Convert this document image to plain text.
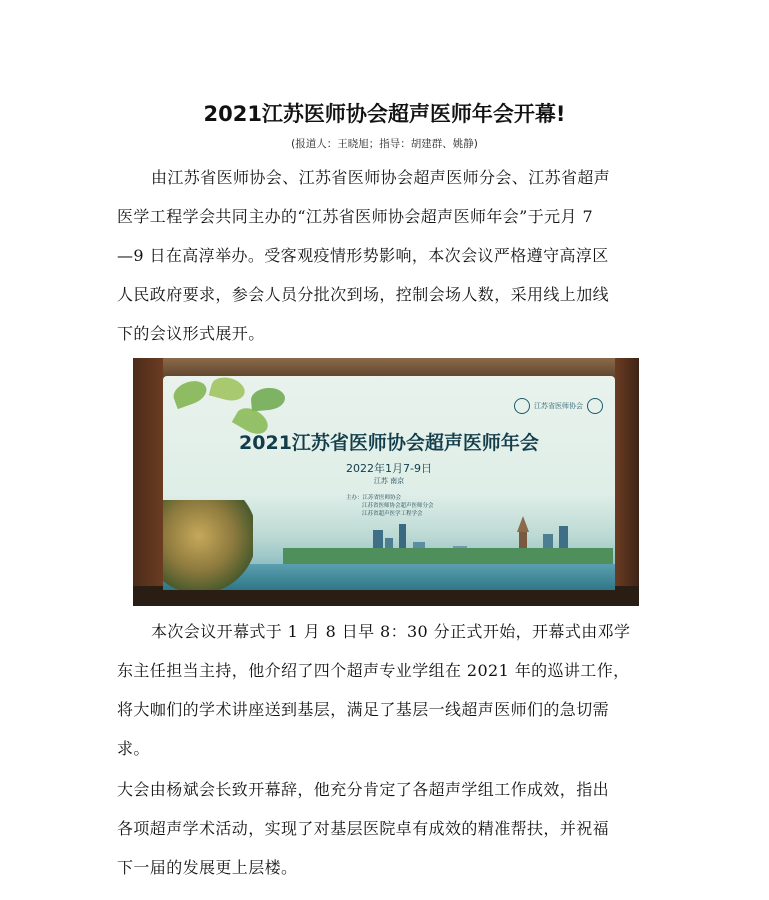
2021江苏医师协会超声医师年会开幕!
(报道人：王晓旭；指导：胡建群、姚静)
由江苏省医师协会、江苏省医师协会超声医师分会、江苏省超声
医学工程学会共同主办的“江苏省医师协会超声医师年会”于元月 7
—9 日在高淳举办。受客观疫情形势影响，本次会议严格遵守高淳区
人民政府要求，参会人员分批次到场，控制会场人数，采用线上加线
下的会议形式展开。
江苏省医师协会
2021江苏省医师协会超声医师年会
2022年1月7-9日
江苏 南京
主办：江苏省医师协会
江苏省医师协会超声医师分会
江苏省超声医学工程学会
本次会议开幕式于 1 月 8 日早 8：30 分正式开始，开幕式由邓学
东主任担当主持，他介绍了四个超声专业学组在 2021 年的巡讲工作，
将大咖们的学术讲座送到基层，满足了基层一线超声医师们的急切需
求。
大会由杨斌会长致开幕辞，他充分肯定了各超声学组工作成效，指出
各项超声学术活动，实现了对基层医院卓有成效的精准帮扶，并祝福
下一届的发展更上层楼。
